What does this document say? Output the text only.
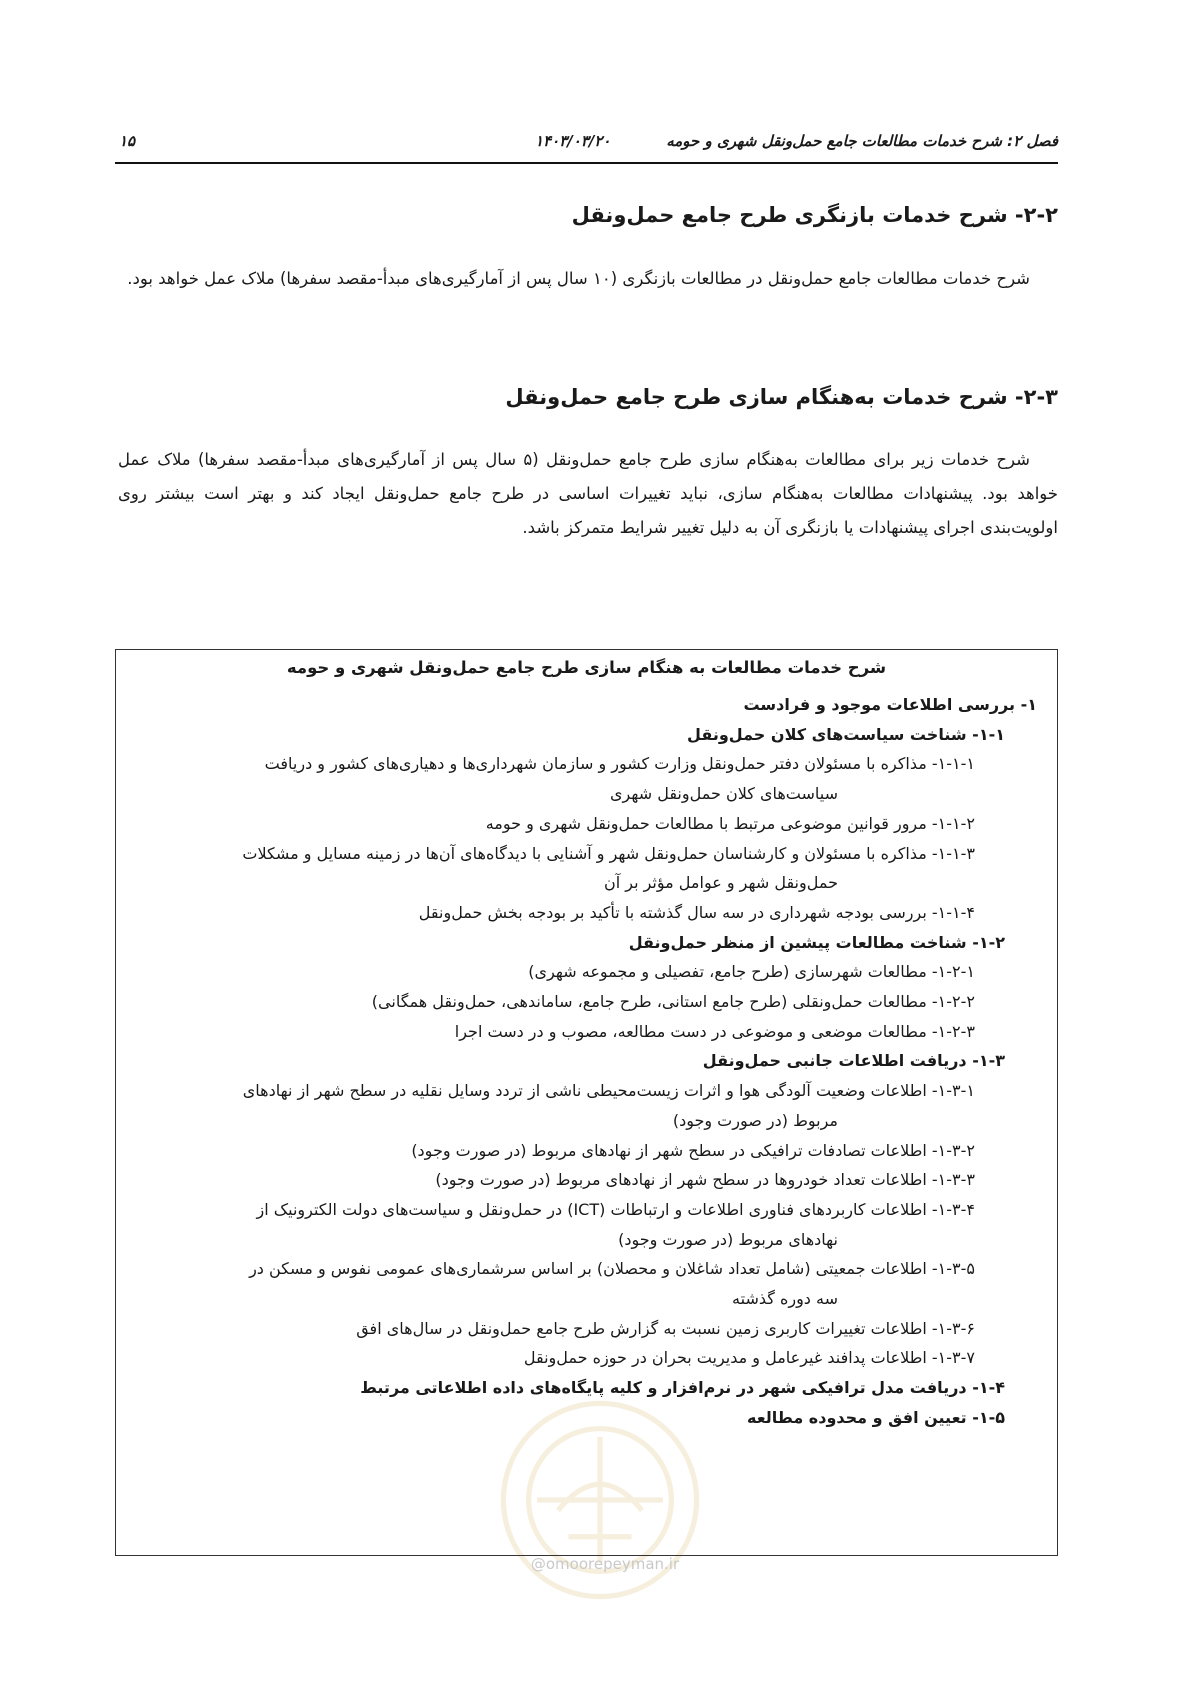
فصل ۲: شرح خدمات مطالعات جامع حمل‌ونقل شهری و حومه
۱۴۰۳/۰۳/۲۰
۱۵
۲-۲- شرح خدمات بازنگری طرح جامع حمل‌ونقل
شرح خدمات مطالعات جامع حمل‌ونقل در مطالعات بازنگری (۱۰ سال پس از آمارگیری‌های مبدأ-مقصد سفرها) ملاک عمل خواهد بود.
۲-۳- شرح خدمات به‌هنگام سازی طرح جامع حمل‌ونقل
شرح خدمات زیر برای مطالعات به‌هنگام سازی طرح جامع حمل‌ونقل (۵ سال پس از آمارگیری‌های مبدأ-مقصد سفرها) ملاک عمل خواهد بود. پیشنهادات مطالعات به‌هنگام سازی، نباید تغییرات اساسی در طرح جامع حمل‌ونقل ایجاد کند و بهتر است بیشتر روی اولویت‌بندی اجرای پیشنهادات یا بازنگری آن به دلیل تغییر شرایط متمرکز باشد.
شرح خدمات مطالعات به هنگام سازی طرح جامع حمل‌ونقل شهری و حومه
۱- بررسی اطلاعات موجود و فرادست
۱-۱- شناخت سیاست‌های کلان حمل‌ونقل
۱-۱-۱- مذاکره با مسئولان دفتر حمل‌ونقل وزارت کشور و سازمان شهرداری‌ها و دهیاری‌های کشور و دریافت
سیاست‌های کلان حمل‌ونقل شهری
۱-۱-۲- مرور قوانین موضوعی مرتبط با مطالعات حمل‌ونقل شهری و حومه
۱-۱-۳- مذاکره با مسئولان و کارشناسان حمل‌ونقل شهر و آشنایی با دیدگاه‌های آن‌ها در زمینه مسایل و مشکلات
حمل‌ونقل شهر و عوامل مؤثر بر آن
۱-۱-۴- بررسی بودجه شهرداری در سه سال گذشته با تأکید بر بودجه بخش حمل‌ونقل
۱-۲- شناخت مطالعات پیشین از منظر حمل‌ونقل
۱-۲-۱- مطالعات شهرسازی (طرح جامع، تفصیلی و مجموعه شهری)
۱-۲-۲- مطالعات حمل‌ونقلی (طرح جامع استانی، طرح جامع، ساماندهی، حمل‌ونقل همگانی)
۱-۲-۳- مطالعات موضعی و موضوعی در دست مطالعه، مصوب و در دست اجرا
۱-۳- دریافت اطلاعات جانبی حمل‌ونقل
۱-۳-۱- اطلاعات وضعیت آلودگی هوا و اثرات زیست‌محیطی ناشی از تردد وسایل نقلیه در سطح شهر از نهادهای
مربوط (در صورت وجود)
۱-۳-۲- اطلاعات تصادفات ترافیکی در سطح شهر از نهادهای مربوط (در صورت وجود)
۱-۳-۳- اطلاعات تعداد خودروها در سطح شهر از نهادهای مربوط (در صورت وجود)
۱-۳-۴- اطلاعات کاربردهای فناوری اطلاعات و ارتباطات (ICT) در حمل‌ونقل و سیاست‌های دولت الکترونیک از
نهادهای مربوط (در صورت وجود)
۱-۳-۵- اطلاعات جمعیتی (شامل تعداد شاغلان و محصلان) بر اساس سرشماری‌های عمومی نفوس و مسکن در
سه دوره گذشته
۱-۳-۶- اطلاعات تغییرات کاربری زمین نسبت به گزارش طرح جامع حمل‌ونقل در سال‌های افق
۱-۳-۷- اطلاعات پدافند غیرعامل و مدیریت بحران در حوزه حمل‌ونقل
۱-۴- دریافت مدل ترافیکی شهر در نرم‌افزار و کلیه پایگاه‌های داده اطلاعاتی مرتبط
۱-۵- تعیین افق و محدوده مطالعه
@omoorepeyman.ir
